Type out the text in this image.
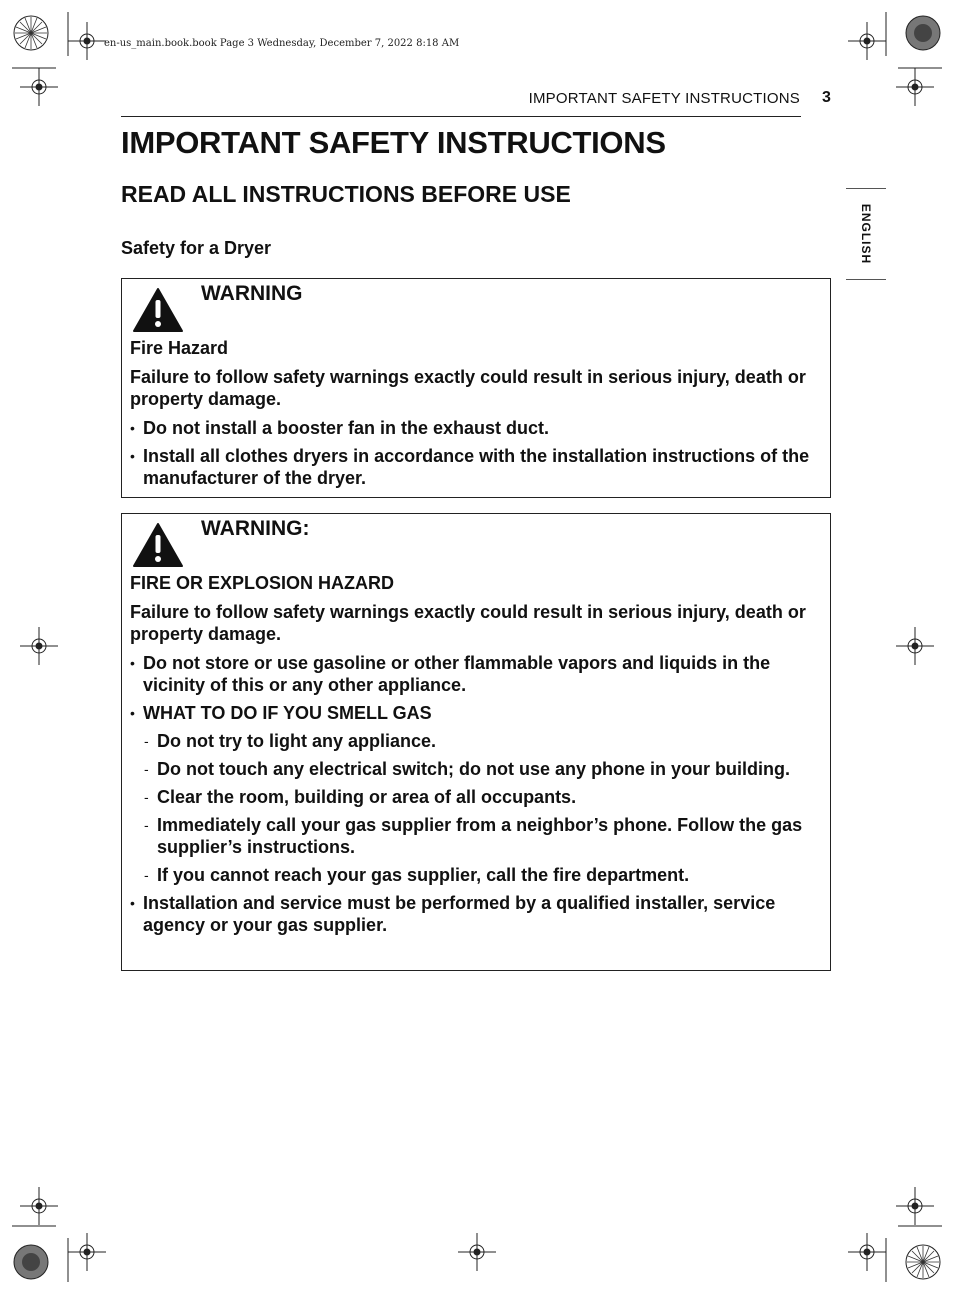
en-us_main.book.book Page 3 Wednesday, December 7, 2022 8:18 AM
IMPORTANT SAFETY INSTRUCTIONS 3
ENGLISH
IMPORTANT SAFETY INSTRUCTIONS
READ ALL INSTRUCTIONS BEFORE USE
Safety for a Dryer
WARNING

Fire Hazard

Failure to follow safety warnings exactly could result in serious injury, death or property damage.

• Do not install a booster fan in the exhaust duct.
• Install all clothes dryers in accordance with the installation instructions of the manufacturer of the dryer.
WARNING:

FIRE OR EXPLOSION HAZARD

Failure to follow safety warnings exactly could result in serious injury, death or property damage.

• Do not store or use gasoline or other flammable vapors and liquids in the vicinity of this or any other appliance.
• WHAT TO DO IF YOU SMELL GAS
- Do not try to light any appliance.
- Do not touch any electrical switch; do not use any phone in your building.
- Clear the room, building or area of all occupants.
- Immediately call your gas supplier from a neighbor’s phone. Follow the gas supplier’s instructions.
- If you cannot reach your gas supplier, call the fire department.
• Installation and service must be performed by a qualified installer, service agency or your gas supplier.
